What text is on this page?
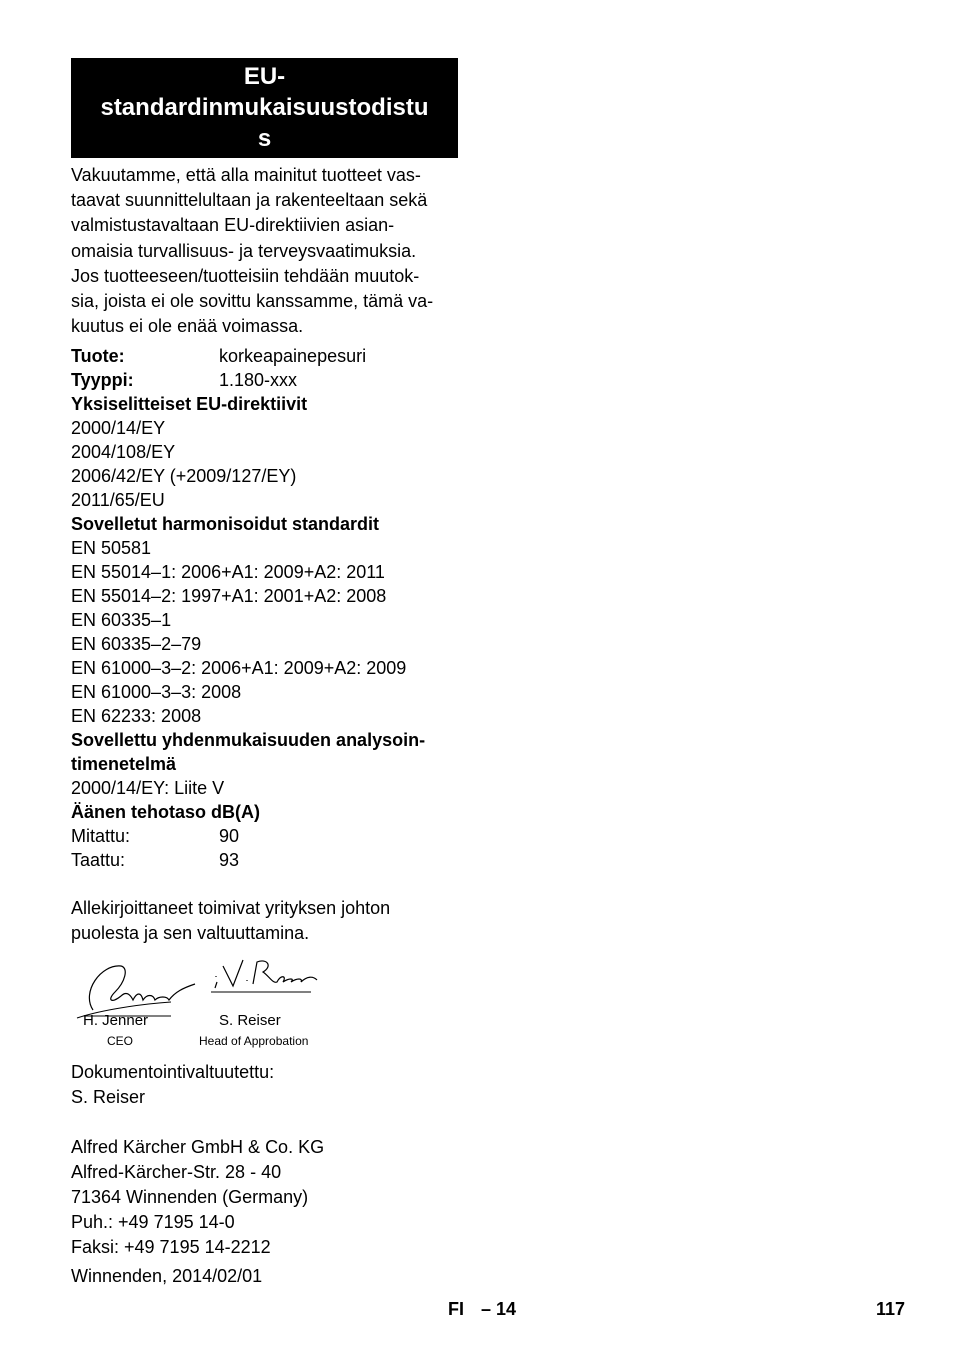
EU-
standardinmukaisuustodistu
s
Vakuutamme, että alla mainitut tuotteet vas-
taavat suunnittelultaan ja rakenteeltaan sekä
valmistustavaltaan EU-direktiivien asian-
omaisia turvallisuus- ja terveysvaatimuksia.
Jos tuotteeseen/tuotteisiin tehdään muutok-
sia, joista ei ole sovittu kanssamme, tämä va-
kuutus ei ole enää voimassa.
Tuote:	korkeapainepesuri
Tyyppi:	1.180-xxx
Yksiselitteiset EU-direktiivit
2000/14/EY
2004/108/EY
2006/42/EY (+2009/127/EY)
2011/65/EU
Sovelletut harmonisoidut standardit
EN 50581
EN 55014–1: 2006+A1: 2009+A2: 2011
EN 55014–2: 1997+A1: 2001+A2: 2008
EN 60335–1
EN 60335–2–79
EN 61000–3–2: 2006+A1: 2009+A2: 2009
EN 61000–3–3: 2008
EN 62233: 2008
Sovellettu yhdenmukaisuuden analysoin-
timenetelmä
2000/14/EY: Liite V
Äänen tehotaso dB(A)
Mitattu:	90
Taattu:	93
Allekirjoittaneet toimivat yrityksen johton
puolesta ja sen valtuuttamina.
H. Jenner
CEO
S. Reiser
Head of Approbation
Dokumentointivaltuutettu:
S. Reiser
Alfred Kärcher GmbH & Co. KG
Alfred-Kärcher-Str. 28 - 40
71364 Winnenden (Germany)
Puh.: +49 7195 14-0
Faksi: +49 7195 14-2212
Winnenden, 2014/02/01
FI – 14	117
